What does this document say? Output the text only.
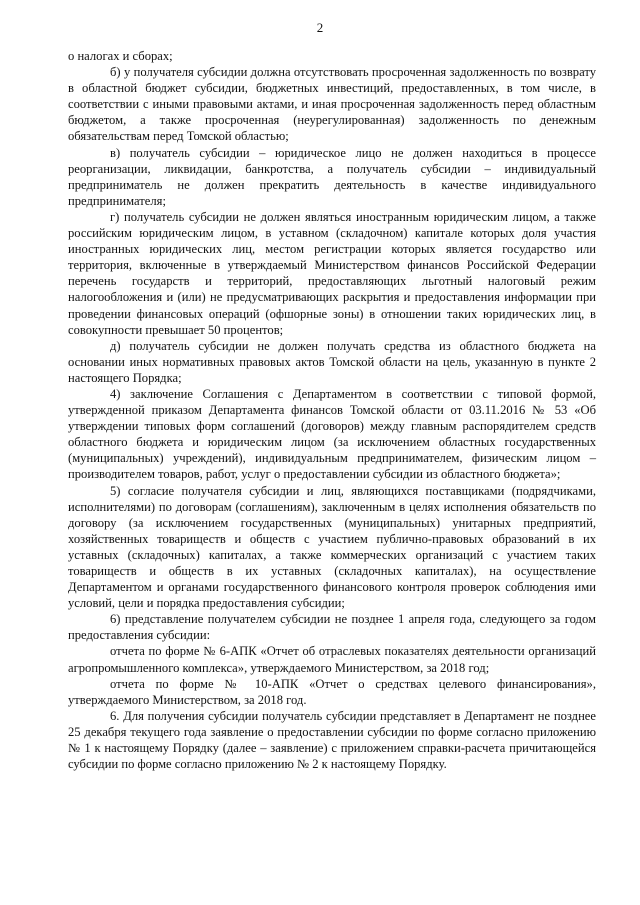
2

о налогах и сборах;

б) у получателя субсидии должна отсутствовать просроченная задолженность по возврату в областной бюджет субсидии, бюджетных инвестиций, предоставленных, в том числе, в соответствии с иными правовыми актами, и иная просроченная задолженность перед областным бюджетом, а также просроченная (неурегулированная) задолженность по денежным обязательствам перед Томской областью;

в) получатель субсидии – юридическое лицо не должен находиться в процессе реорганизации, ликвидации, банкротства, а получатель субсидии – индивидуальный предприниматель не должен прекратить деятельность в качестве индивидуального предпринимателя;

г) получатель субсидии не должен являться иностранным юридическим лицом, а также российским юридическим лицом, в уставном (складочном) капитале которых доля участия иностранных юридических лиц, местом регистрации которых является государство или территория, включенные в утверждаемый Министерством финансов Российской Федерации перечень государств и территорий, предоставляющих льготный налоговый режим налогообложения и (или) не предусматривающих раскрытия и предоставления информации при проведении финансовых операций (офшорные зоны) в отношении таких юридических лиц, в совокупности превышает 50 процентов;

д) получатель субсидии не должен получать средства из областного бюджета на основании иных нормативных правовых актов Томской области на цель, указанную в пункте 2 настоящего Порядка;

4) заключение Соглашения с Департаментом в соответствии с типовой формой, утвержденной приказом Департамента финансов Томской области от 03.11.2016 № 53 «Об утверждении типовых форм соглашений (договоров) между главным распорядителем средств областного бюджета и юридическим лицом (за исключением областных государственных (муниципальных) учреждений), индивидуальным предпринимателем, физическим лицом – производителем товаров, работ, услуг о предоставлении субсидии из областного бюджета»;

5) согласие получателя субсидии и лиц, являющихся поставщиками (подрядчиками, исполнителями) по договорам (соглашениям), заключенным в целях исполнения обязательств по договору (за исключением государственных (муниципальных) унитарных предприятий, хозяйственных товариществ и обществ с участием публично-правовых образований в их уставных (складочных) капиталах, а также коммерческих организаций с участием таких товариществ и обществ в их уставных (складочных капиталах), на осуществление Департаментом и органами государственного финансового контроля проверок соблюдения ими условий, цели и порядка предоставления субсидии;

6) представление получателем субсидии не позднее 1 апреля года, следующего за годом предоставления субсидии:

отчета по форме № 6-АПК «Отчет об отраслевых показателях деятельности организаций агропромышленного комплекса», утверждаемого Министерством, за 2018 год;

отчета по форме № 10-АПК «Отчет о средствах целевого финансирования», утверждаемого Министерством, за 2018 год.

6. Для получения субсидии получатель субсидии представляет в Департамент не позднее 25 декабря текущего года заявление о предоставлении субсидии по форме согласно приложению № 1 к настоящему Порядку (далее – заявление) с приложением справки-расчета причитающейся субсидии по форме согласно приложению № 2 к настоящему Порядку.
